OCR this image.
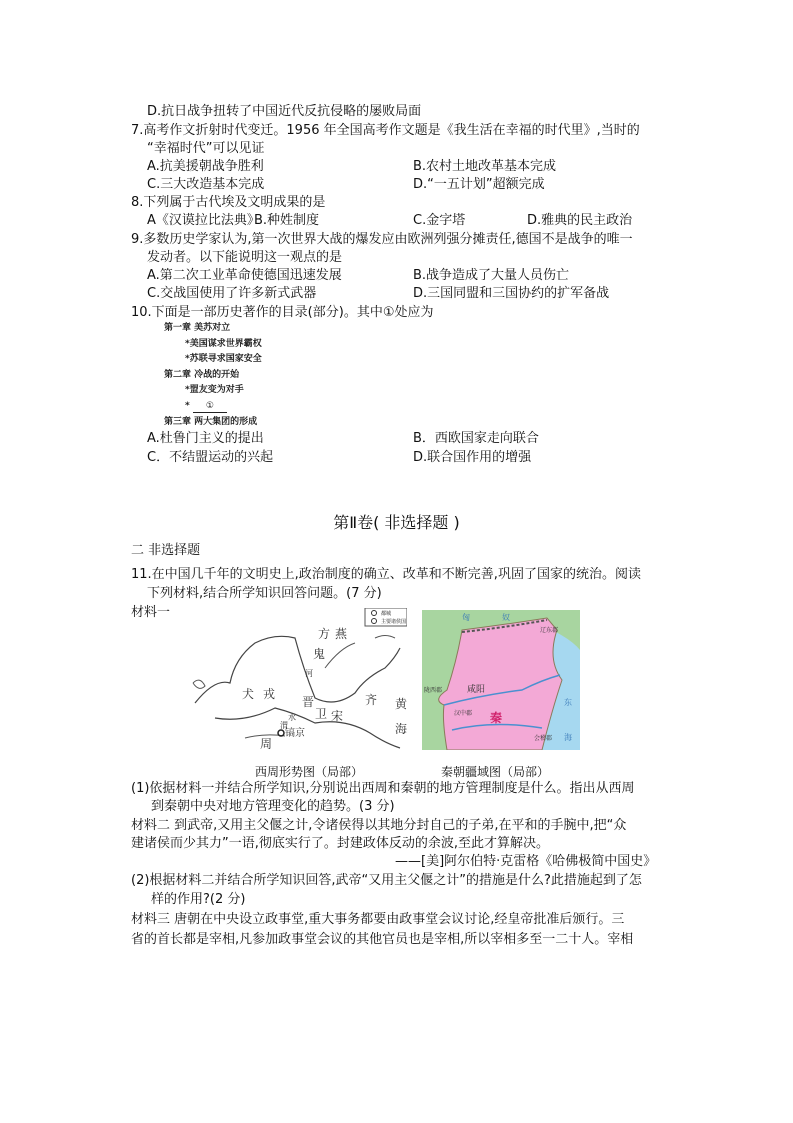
D.抗日战争扭转了中国近代反抗侵略的屡败局面
7.高考作文折射时代变迁。1956 年全国高考作文题是《我生活在幸福的时代里》,当时的
“幸福时代”可以见证
A.抗美援朝战争胜利	B.农村土地改革基本完成
C.三大改造基本完成	D.“一五计划”超额完成
8.下列属于古代埃及文明成果的是
A《汉谟拉比法典》
B.种姓制度	C.金字塔	D.雅典的民主政治
9.多数历史学家认为,第一次世界大战的爆发应由欧洲列强分摊责任,德国不是战争的唯一
发动者。以下能说明这一观点的是
A.第二次工业革命使德国迅速发展	B.战争造成了大量人员伤亡
C.交战国使用了许多新式武器	D.三国同盟和三国协约的扩军备战
10.下面是一部历史著作的目录(部分)。其中①处应为
第一章 美苏对立
*美国谋求世界霸权
*苏联寻求国家安全
第二章 冷战的开始
*盟友变为对手
* ①
第三章 两大集团的形成
A.杜鲁门主义的提出	B．西欧国家走向联合
C．不结盟运动的兴起	D.联合国作用的增强
第Ⅱ卷( 非选择题 )
二 非选择题
11.在中国几千年的文明史上,政治制度的确立、改革和不断完善,巩固了国家的统治。阅读
下列材料,结合所学知识回答问题。(7 分)
材料一	都城
主要诸侯国
方 燕
鬼
犬 戎
晋
卫 宋
齐 黄
海
周
镐京
河
渭
水
匈	奴
辽东郡
咸阳
秦
汉中郡
东
海
陇西郡
会稽郡
西周形势图（局部）	秦朝疆域图（局部）
(1)依据材料一并结合所学知识,分别说出西周和秦朝的地方管理制度是什么。指出从西周
到秦朝中央对地方管理变化的趋势。(3 分)
材料二 到武帝,又用主父偃之计,令诸侯得以其地分封自己的子弟,在平和的手腕中,把“众
建诸侯而少其力”一语,彻底实行了。封建政体反动的余波,至此才算解决。
——[美]阿尔伯特·克雷格《哈佛极简中国史》
(2)根据材料二并结合所学知识回答,武帝“又用主父偃之计”的措施是什么?此措施起到了怎
样的作用?(2 分)
材料三 唐朝在中央设立政事堂,重大事务都要由政事堂会议讨论,经皇帝批准后颁行。三
省的首长都是宰相,凡参加政事堂会议的其他官员也是宰相,所以宰相多至一二十人。宰相
